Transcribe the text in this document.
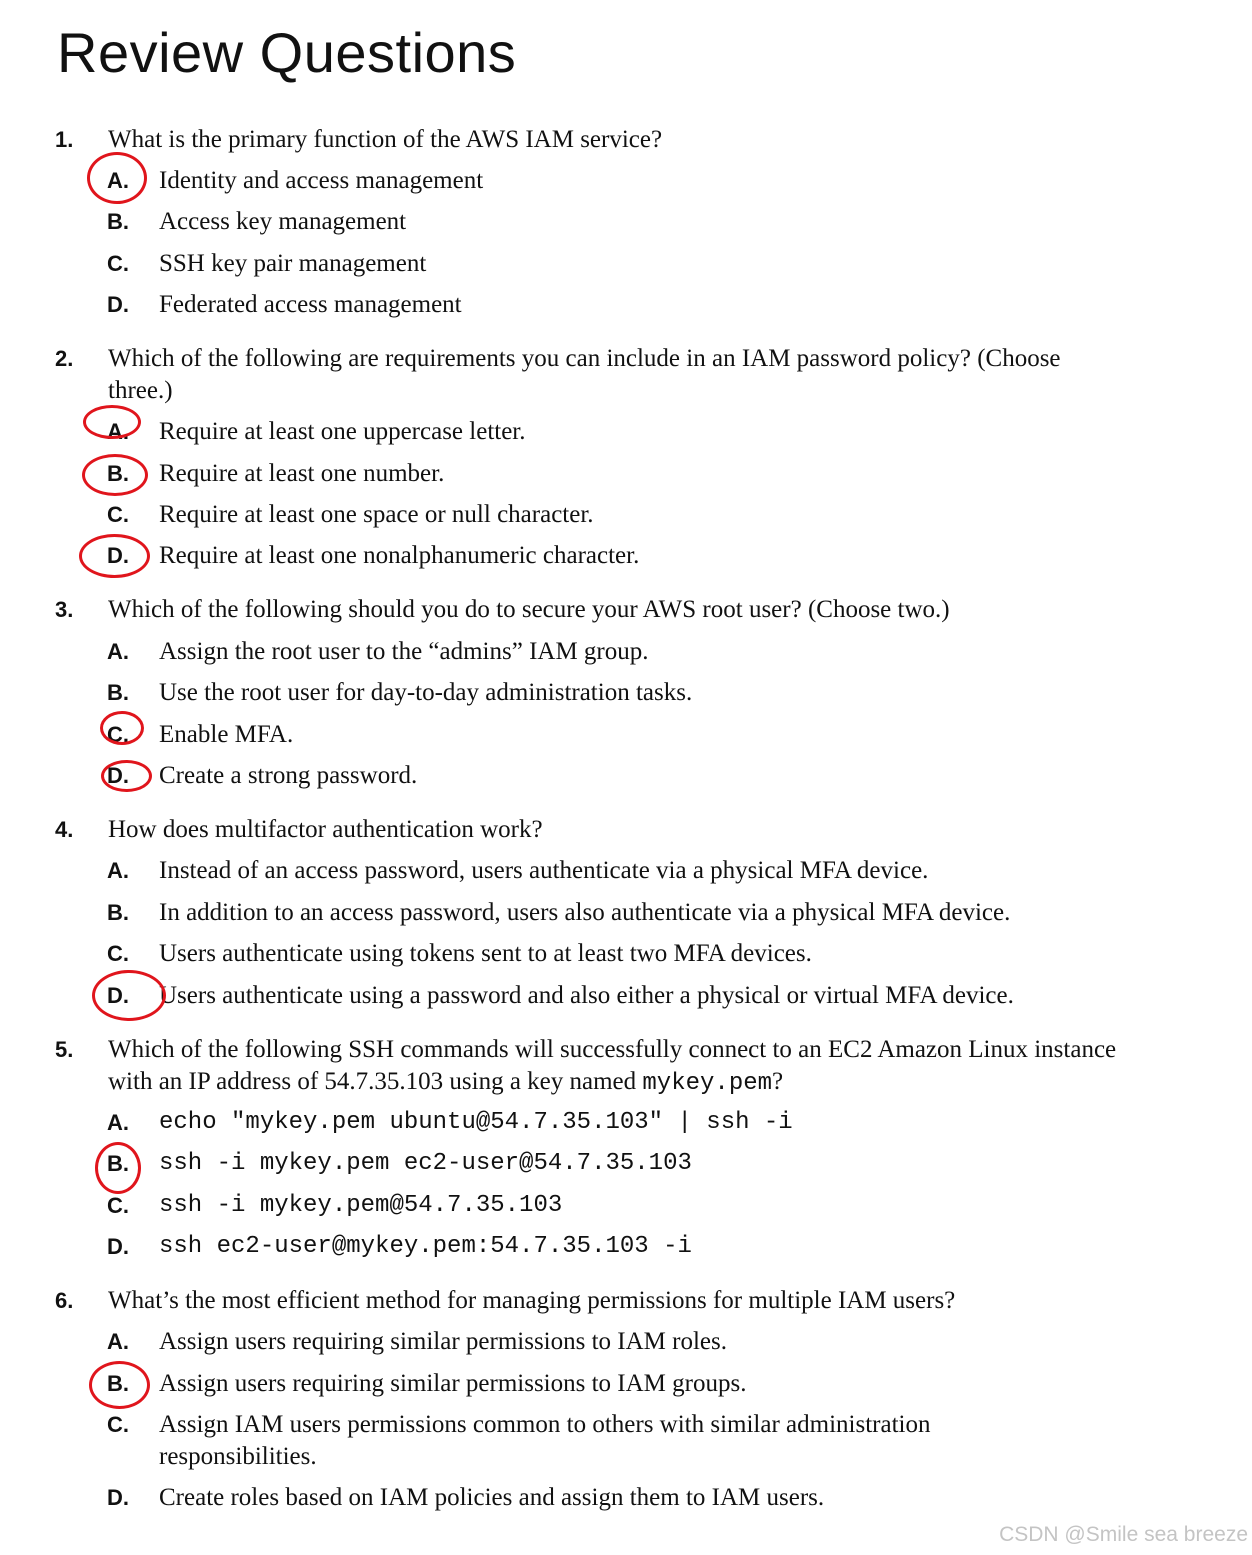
Review Questions
1. What is the primary function of the AWS IAM service?
A. Identity and access management
B. Access key management
C. SSH key pair management
D. Federated access management
2. Which of the following are requirements you can include in an IAM password policy? (Choose three.)
A. Require at least one uppercase letter.
B. Require at least one number.
C. Require at least one space or null character.
D. Require at least one nonalphanumeric character.
3. Which of the following should you do to secure your AWS root user? (Choose two.)
A. Assign the root user to the “admins” IAM group.
B. Use the root user for day-to-day administration tasks.
C. Enable MFA.
D. Create a strong password.
4. How does multifactor authentication work?
A. Instead of an access password, users authenticate via a physical MFA device.
B. In addition to an access password, users also authenticate via a physical MFA device.
C. Users authenticate using tokens sent to at least two MFA devices.
D. Users authenticate using a password and also either a physical or virtual MFA device.
5. Which of the following SSH commands will successfully connect to an EC2 Amazon Linux instance with an IP address of 54.7.35.103 using a key named mykey.pem?
A. echo "mykey.pem ubuntu@54.7.35.103" | ssh -i
B. ssh -i mykey.pem ec2-user@54.7.35.103
C. ssh -i mykey.pem@54.7.35.103
D. ssh ec2-user@mykey.pem:54.7.35.103 -i
6. What’s the most efficient method for managing permissions for multiple IAM users?
A. Assign users requiring similar permissions to IAM roles.
B. Assign users requiring similar permissions to IAM groups.
C. Assign IAM users permissions common to others with similar administration responsibilities.
D. Create roles based on IAM policies and assign them to IAM users.
CSDN @Smile sea breeze
